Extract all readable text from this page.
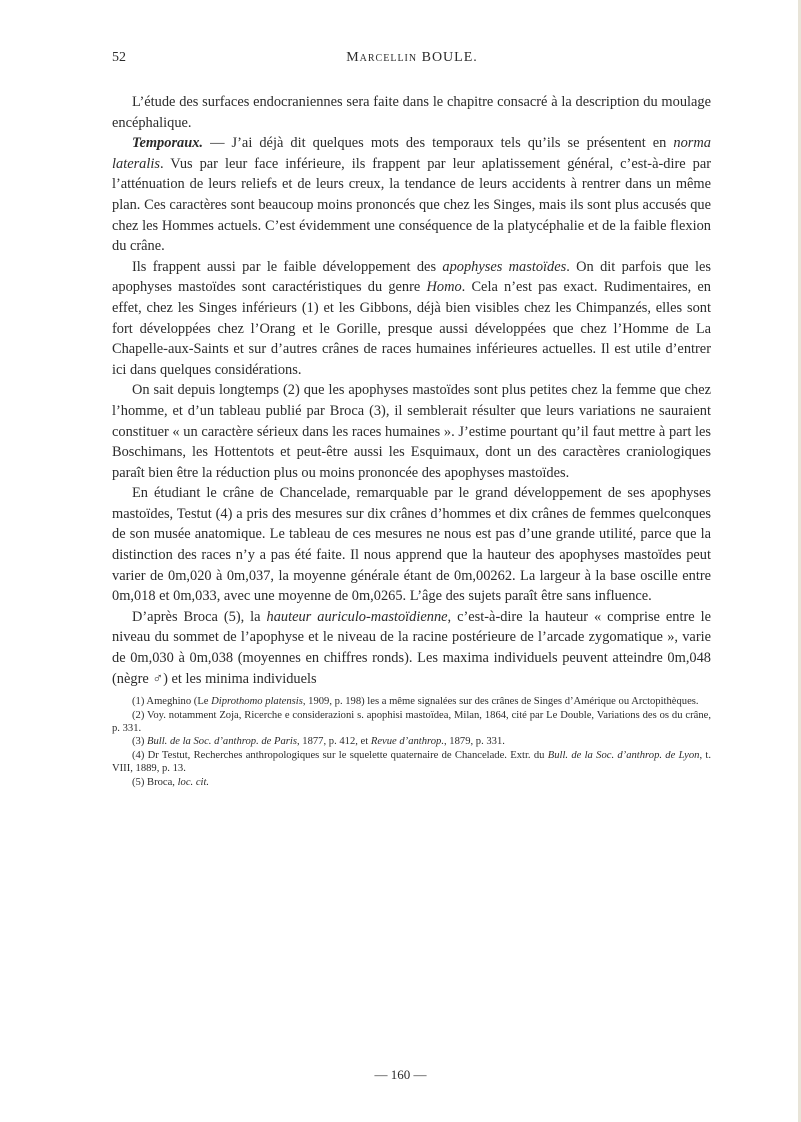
52	Marcellin BOULE.

L’étude des surfaces endocraniennes sera faite dans le chapitre consacré à la description du moulage encéphalique.

Temporaux. — J’ai déjà dit quelques mots des temporaux tels qu’ils se présentent en norma lateralis. Vus par leur face inférieure, ils frappent par leur aplatissement général, c’est-à-dire par l’atténuation de leurs reliefs et de leurs creux, la tendance de leurs accidents à rentrer dans un même plan. Ces caractères sont beaucoup moins prononcés que chez les Singes, mais ils sont plus accusés que chez les Hommes actuels. C’est évidemment une conséquence de la platycéphalie et de la faible flexion du crâne.

Ils frappent aussi par le faible développement des apophyses mastoïdes. On dit parfois que les apophyses mastoïdes sont caractéristiques du genre Homo. Cela n’est pas exact. Rudimentaires, en effet, chez les Singes inférieurs (1) et les Gibbons, déjà bien visibles chez les Chimpanzés, elles sont fort développées chez l’Orang et le Gorille, presque aussi développées que chez l’Homme de La Chapelle-aux-Saints et sur d’autres crânes de races humaines inférieures actuelles. Il est utile d’entrer ici dans quelques considérations.

On sait depuis longtemps (2) que les apophyses mastoïdes sont plus petites chez la femme que chez l’homme, et d’un tableau publié par Broca (3), il semblerait résulter que leurs variations ne sauraient constituer « un caractère sérieux dans les races humaines ». J’estime pourtant qu’il faut mettre à part les Boschimans, les Hottentots et peut-être aussi les Esquimaux, dont un des caractères craniologiques paraît bien être la réduction plus ou moins prononcée des apophyses mastoïdes.

En étudiant le crâne de Chancelade, remarquable par le grand développement de ses apophyses mastoïdes, Testut (4) a pris des mesures sur dix crânes d’hommes et dix crânes de femmes quelconques de son musée anatomique. Le tableau de ces mesures ne nous est pas d’une grande utilité, parce que la distinction des races n’y a pas été faite. Il nous apprend que la hauteur des apophyses mastoïdes peut varier de 0m,020 à 0m,037, la moyenne générale étant de 0m,00262. La largeur à la base oscille entre 0m,018 et 0m,033, avec une moyenne de 0m,0265. L’âge des sujets paraît être sans influence.

D’après Broca (5), la hauteur auriculo-mastoïdienne, c’est-à-dire la hauteur « comprise entre le niveau du sommet de l’apophyse et le niveau de la racine postérieure de l’arcade zygomatique », varie de 0m,030 à 0m,038 (moyennes en chiffres ronds). Les maxima individuels peuvent atteindre 0m,048 (nègre ♂) et les minima individuels

(1) Ameghino (Le Diprothomo platensis, 1909, p. 198) les a même signalées sur des crânes de Singes d’Amérique ou Arctopithèques.

(2) Voy. notamment Zoja, Ricerche e considerazioni s. apophisi mastoïdea, Milan, 1864, cité par Le Double, Variations des os du crâne, p. 331.

(3) Bull. de la Soc. d’anthrop. de Paris, 1877, p. 412, et Revue d’anthrop., 1879, p. 331.

(4) Dr Testut, Recherches anthropologiques sur le squelette quaternaire de Chancelade. Extr. du Bull. de la Soc. d’anthrop. de Lyon, t. VIII, 1889, p. 13.

(5) Broca, loc. cit.

— 160 —
